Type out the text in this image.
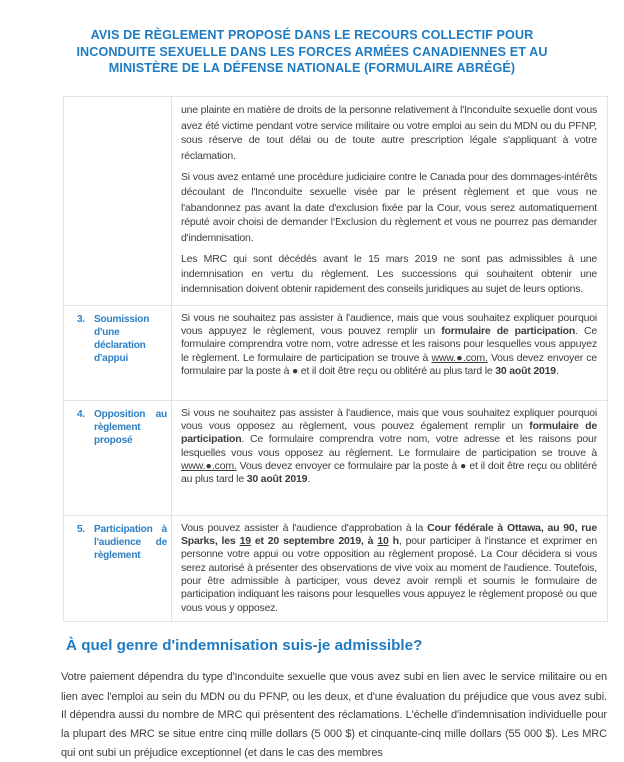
AVIS DE RÈGLEMENT PROPOSÉ DANS LE RECOURS COLLECTIF POUR INCONDUITE SEXUELLE DANS LES FORCES ARMÉES CANADIENNES ET AU MINISTÈRE DE LA DÉFENSE NATIONALE (FORMULAIRE ABRÉGÉ)

une plainte en matière de droits de la personne relativement à l'Inconduite sexuelle dont vous avez été victime pendant votre service militaire ou votre emploi au sein du MDN ou du PFNP, sous réserve de tout délai ou de toute autre prescription légale s'appliquant à votre réclamation.

Si vous avez entamé une procédure judiciaire contre le Canada pour des dommages-intérêts découlant de l'Inconduite sexuelle visée par le présent règlement et que vous ne l'abandonnez pas avant la date d'exclusion fixée par la Cour, vous serez automatiquement réputé avoir choisi de demander l'Exclusion du règlement et vous ne pourrez pas demander d'indemnisation.

Les MRC qui sont décédés avant le 15 mars 2019 ne sont pas admissibles à une indemnisation en vertu du règlement. Les successions qui souhaitent obtenir une indemnisation doivent obtenir rapidement des conseils juridiques au sujet de leurs options.

3. Soumission d'une déclaration d'appui

Si vous ne souhaitez pas assister à l'audience, mais que vous souhaitez expliquer pourquoi vous appuyez le règlement, vous pouvez remplir un formulaire de participation. Ce formulaire comprendra votre nom, votre adresse et les raisons pour lesquelles vous appuyez le règlement. Le formulaire de participation se trouve à www.●.com. Vous devez envoyer ce formulaire par la poste à ● et il doit être reçu ou oblitéré au plus tard le 30 août 2019.

4. Opposition au règlement proposé

Si vous ne souhaitez pas assister à l'audience, mais que vous souhaitez expliquer pourquoi vous vous opposez au règlement, vous pouvez également remplir un formulaire de participation. Ce formulaire comprendra votre nom, votre adresse et les raisons pour lesquelles vous vous opposez au règlement. Le formulaire de participation se trouve à www.●.com. Vous devez envoyer ce formulaire par la poste à ● et il doit être reçu ou oblitéré au plus tard le 30 août 2019.

5. Participation à l'audience de règlement

Vous pouvez assister à l'audience d'approbation à la Cour fédérale à Ottawa, au 90, rue Sparks, les 19 et 20 septembre 2019, à 10 h, pour participer à l'instance et exprimer en personne votre appui ou votre opposition au règlement proposé. La Cour décidera si vous serez autorisé à présenter des observations de vive voix au moment de l'audience. Toutefois, pour être admissible à participer, vous devez avoir rempli et soumis le formulaire de participation indiquant les raisons pour lesquelles vous appuyez le règlement proposé ou que vous vous y opposez.

À quel genre d'indemnisation suis-je admissible?
Votre paiement dépendra du type d'Inconduite sexuelle que vous avez subi en lien avec le service militaire ou en lien avec l'emploi au sein du MDN ou du PFNP, ou les deux, et d'une évaluation du préjudice que vous avez subi. Il dépendra aussi du nombre de MRC qui présentent des réclamations. L'échelle d'indemnisation individuelle pour la plupart des MRC se situe entre cinq mille dollars (5 000 $) et cinquante-cinq mille dollars (55 000 $). Les MRC qui ont subi un préjudice exceptionnel (et dans le cas des membres
